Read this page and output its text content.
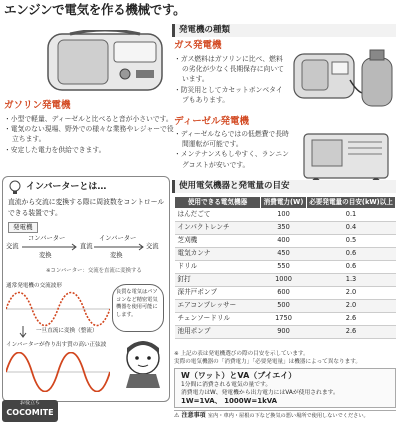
エンジンで電気を作る機械です。
ガソリン発電機
・小型で軽量、ディーゼルと比べると音が小さいです。
・電気のない現場、野外での様々な業務やレジャーで役立ちます。
・安定した電力を供給できます。
インバーターとは…
直流から交流に変換する際に周波数をコントロールできる装置です。
発電機
交流
コンバーター
変換
直流
インバーター
変換
交流
※コンバーター：交流を直流に変換する
通常発電機の交流波形
一旦直流に変換（整流）
インバーターが作り出す質の高い正弦波
良質な電気はパソコンなど精密電気機器を使用可能にします。
お役立ち
COCOMITE
発電機の種類
ガス発電機
・ガス燃料はガソリンに比べ、燃料の劣化が少なく長期保存に向いています。
・防災用としてカセットボンベタイプもあります。
ディーゼル発電機
・ディーゼルならではの低燃費で長時間運転が可能です。
・メンテナンスもしやすく、ランニングコストが安いです。
使用電気機器と発電量の目安
使用できる電気機器	消費電力(W)	必要発電量の目安(kW)以上
はんだごて	100	0.1
インパクトレンチ	350	0.4
芝刈機	400	0.5
電気カンナ	450	0.6
ドリル	550	0.6
釘打	1000	1.3
深井戸ポンプ	600	2.0
エアコンプレッサー	500	2.0
チェンソードリル	1750	2.6
池用ポンプ	900	2.6
※ 上記の表は発電機選びの際の目安を示しています。
実際の電気機器の「消費電力」「必要発電量」は機器によって異なります。
W（ワット）とVA（ブイエイ）
1分間に消費される電気の量です。
消費電力はW、発電機から出力電力にはVAが使用されます。
1W=1VA、 1000W=1kVA
⚠ 注意事項 室内・車内・屋根の下など換気の悪い場所で使用しないでください。
